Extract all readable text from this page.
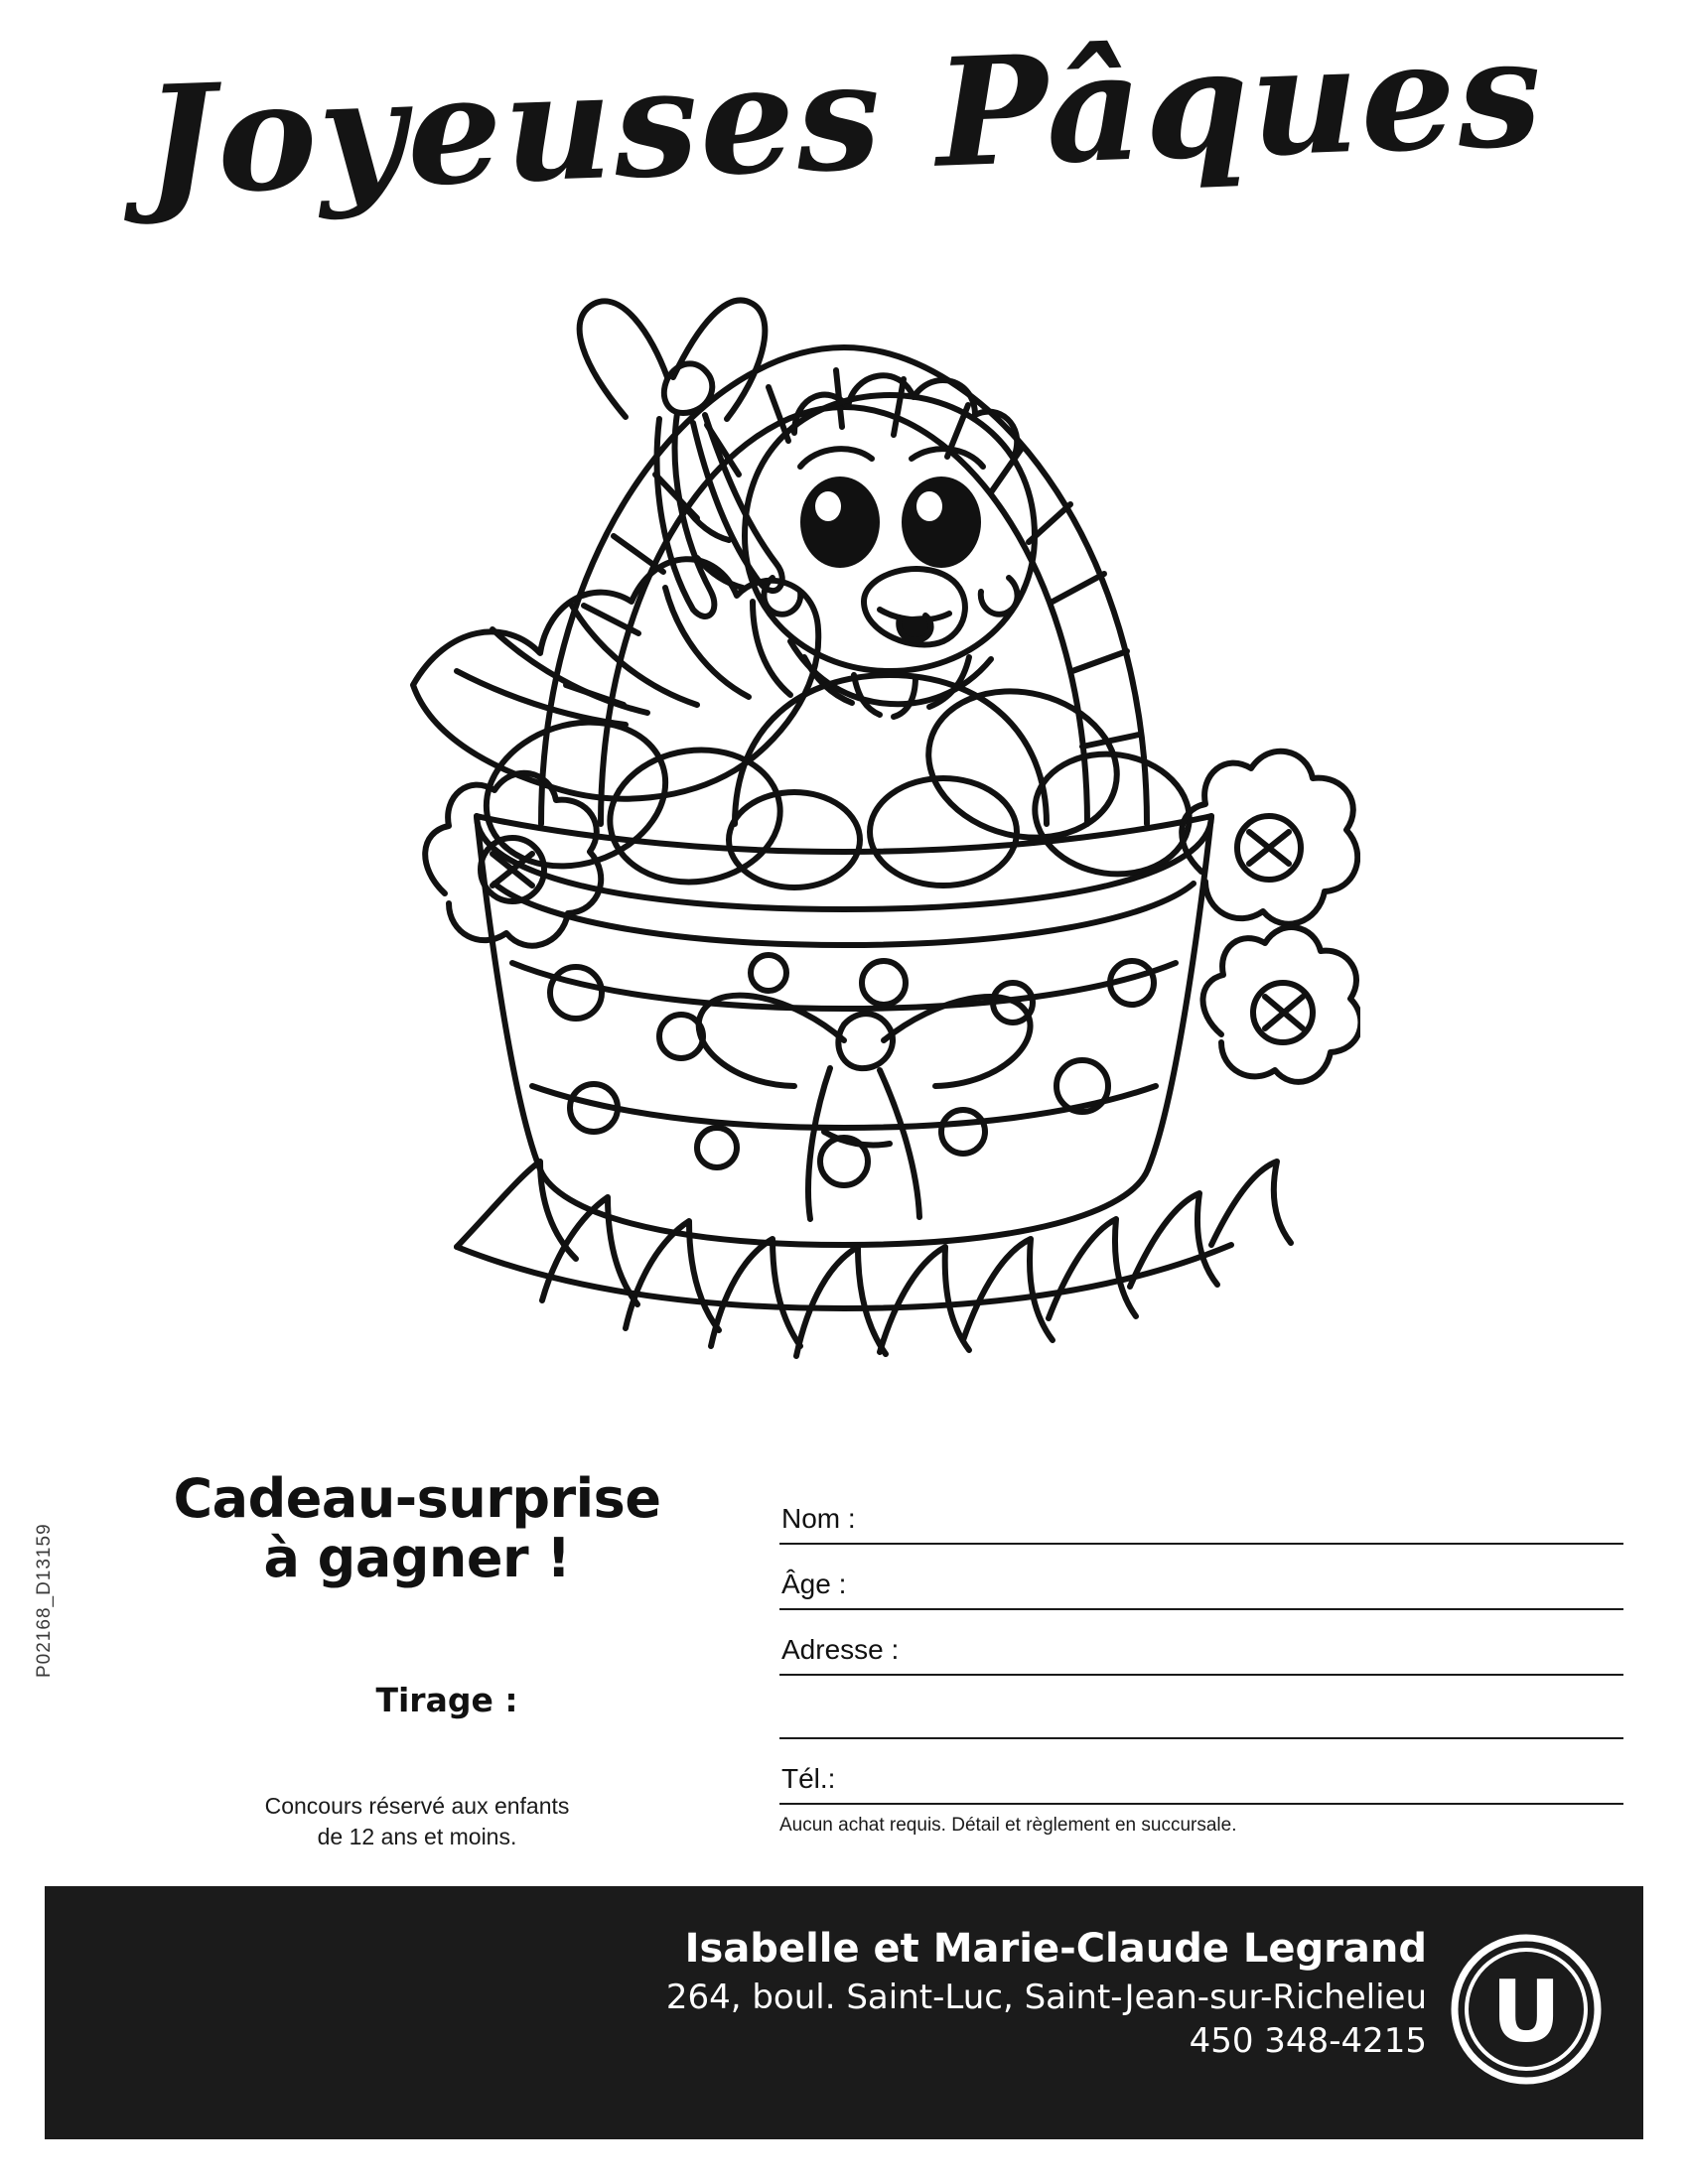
Joyeuses Pâques
Cadeau-surprise
à gagner !
Tirage :
Concours réservé aux enfants
de 12 ans et moins.
P02168_D13159
Nom :
Âge :
Adresse :
Tél.:
Aucun achat requis. Détail et règlement en succursale.
Isabelle et Marie-Claude Legrand
264, boul. Saint-Luc, Saint-Jean-sur-Richelieu
450 348-4215 U
